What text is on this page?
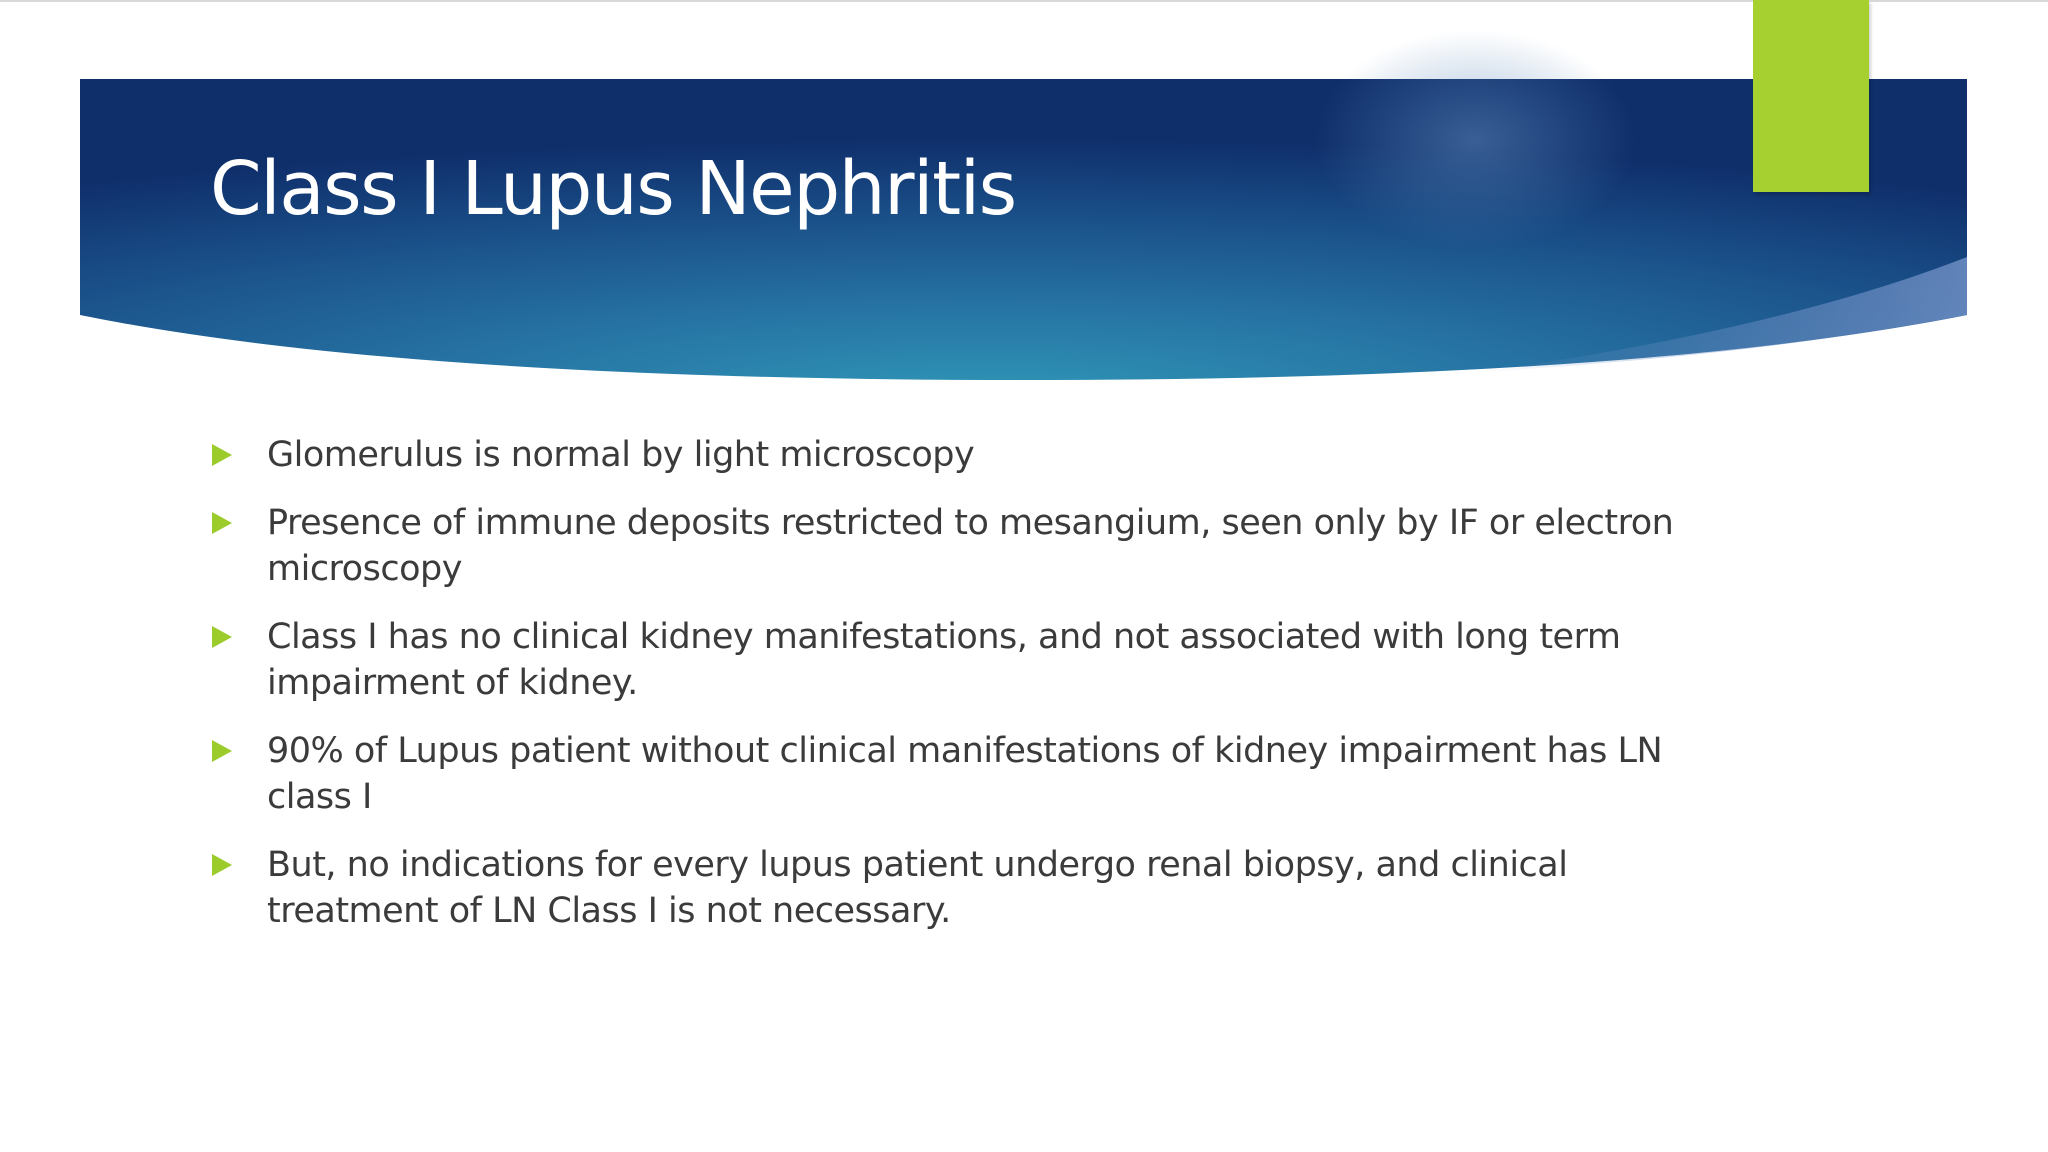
Class I Lupus Nephritis
Glomerulus is normal by light microscopy
Presence of immune deposits restricted to mesangium, seen only by IF or electron microscopy
Class I has no clinical kidney manifestations, and not associated with long term impairment of kidney.
90% of Lupus patient without clinical manifestations of kidney impairment has LN class I
But, no indications for every lupus patient undergo renal biopsy, and clinical treatment of LN Class I is not necessary.
